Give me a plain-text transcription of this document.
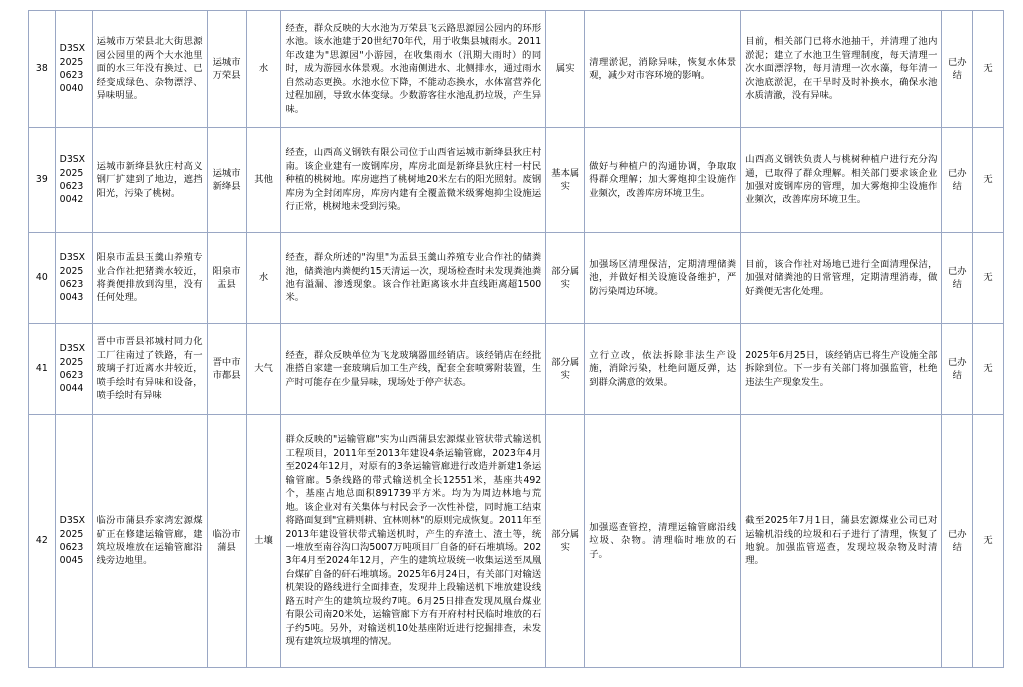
38	D3SX202506230040	运城市万荣县北大街思源园公园里的两个大水池里面的水三年没有换过、已经变成绿色、杂物漂浮、异味明显。	运城市万荣县	水	经查，群众反映的大水池为万荣县飞云路思源园公园内的环形水池。该水池建于20世纪70年代，用于收集县城雨水。2011年改建为"思源园"小游园，在收集雨水（汛期大雨时）的同时，成为游园水体景观。水池南侧进水、北侧排水，通过雨水自然动态更换。水池水位下降，不能动态换水，水体富营养化过程加剧，导致水体变绿。少数游客往水池乱扔垃圾，产生异味。	属实	清理淤泥，消除异味，恢复水体景观，减少对市容环境的影响。	目前，相关部门已将水池抽干，并清理了池内淤泥；建立了水池卫生管理制度，每天清理一次水面漂浮物，每月清理一次水藻，每年清一次池底淤泥，在干旱时及时补换水，确保水池水质清澈，没有异味。	已办结	无
39	D3SX202506230042	运城市新绛县狄庄村高义钢厂扩建到了地边，遮挡阳光，污染了桃树。	运城市新绛县	其他	经查，山西高义钢铁有限公司位于山西省运城市新绛县狄庄村南。该企业建有一废钢库房，库房北面是新绛县狄庄村一村民种植的桃树地。库房遮挡了桃树地20米左右的阳光照射。废钢库房为全封闭库房，库房内建有全覆盖微米级雾炮抑尘设施运行正常，桃树地未受到污染。	基本属实	做好与种植户的沟通协调，争取取得群众理解；加大雾炮抑尘设施作业频次，改善库房环境卫生。	山西高义钢铁负责人与桃树种植户进行充分沟通，已取得了群众理解。相关部门要求该企业加强对废钢库房的管理，加大雾炮抑尘设施作业频次，改善库房环境卫生。	已办结	无
40	D3SX202506230043	阳泉市盂县玉羹山养殖专业合作社把猪粪水较近，将粪便排放到沟里，没有任何处理。	阳泉市盂县	水	经查，群众所述的"沟里"为盂县玉羹山养殖专业合作社的储粪池，储粪池内粪便约15天清运一次，现场检查时未发现粪池粪池有溢漏、渗透现象。该合作社距离该水井直线距离超1500米。	部分属实	加强场区清理保洁，定期清理储粪池，并做好相关设施设备维护，严防污染周边环境。	目前，该合作社对场地已进行全面清理保洁，加强对储粪池的日常管理，定期清理消毒，做好粪便无害化处理。	已办结	无
41	D3SX202506230044	晋中市晋县祁城村同力化工厂往南过了铁路，有一玻璃子打近离水井较近，喷手绘时有异味和设备，喷手绘时有异味	晋中市市都县	大气	经查，群众反映单位为飞龙玻璃器皿经销店。该经销店在经批准搭自家建一套玻璃后加工生产线，配套全套喷雾附装置，生产时可能存在少量异味，现场处于停产状态。	部分属实	立行立改，依法拆除非法生产设施，消除污染，杜绝问题反弹，达到群众满意的效果。	2025年6月25日，该经销店已将生产设施全部拆除到位。下一步有关部门将加强监管，杜绝违法生产现象发生。	已办结	无
42	D3SX202506230045	临汾市蒲县乔家湾宏源煤矿正在修建运输管廊，建筑垃圾堆放在运输管廊沿线旁边地里。	临汾市蒲县	土壤	群众反映的"运输管廊"实为山西蒲县宏源煤业管状带式输送机工程项目，2011年至2013年建设4条运输管廊，2023年4月至2024年12月，对原有的3条运输管廊进行改造并新建1条运输管廊。5条线路的带式输送机全长12551米，基座共492个，基座占地总面积891739平方米。均为为周边林地与荒地。该企业对有关集体与村民会予一次性补偿，同时施工结束将路面复到"宜耕则耕、宜林则林"的原则完成恢复。2011年至2013年建设管状带式输送机时，产生的弃渣土、渣土等，统一堆放至南谷沟口沟5007万吨项目厂自备的矸石堆填场。2023年4月至2024年12月，产生的建筑垃圾统一收集运送至凤凰台煤矿自备的矸石堆填场。2025年6月24日，有关部门对输送机架设的路线进行全面排查，发现井上段输送机下堆放建设线路五时产生的建筑垃圾约7吨。6月25日排查发现凤凰台煤业有限公司南20米处，运输管廊下方有开府村村民临时堆放的石子约5吨。另外，对输送机10处基座附近进行挖掘排查，未发现有建筑垃圾填埋的情况。	部分属实	加强巡查管控，清理运输管廊沿线垃圾、杂物。清理临时堆放的石子。	截至2025年7月1日，蒲县宏源煤业公司已对运输机沿线的垃圾和石子进行了清理，恢复了地貌。加强监管巡查，发现垃圾杂物及时清理。	已办结	无
